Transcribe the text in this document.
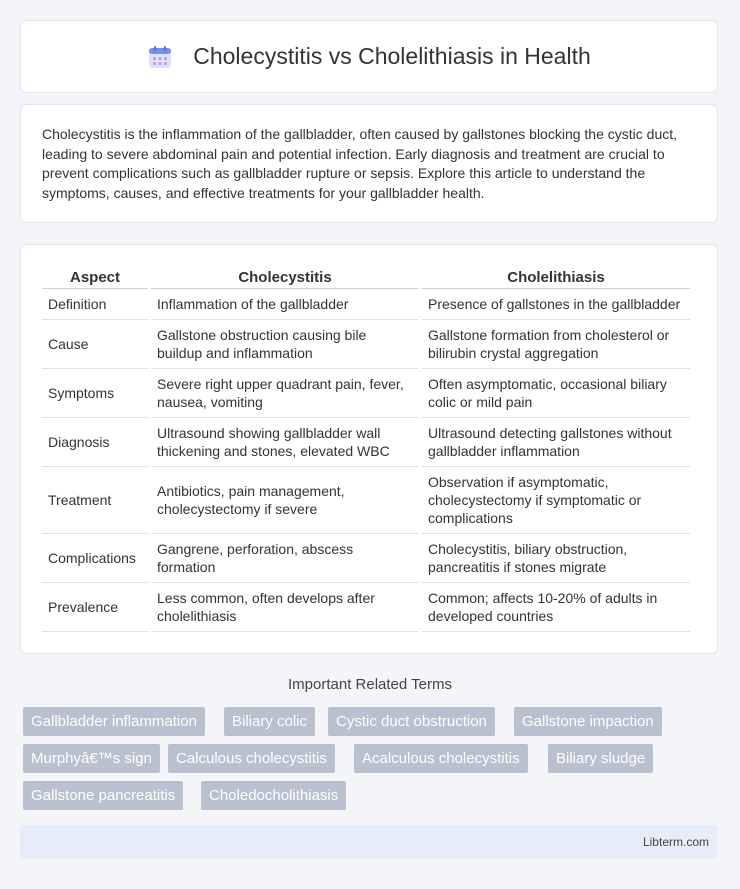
Cholecystitis vs Cholelithiasis in Health

Cholecystitis is the inflammation of the gallbladder, often caused by gallstones blocking the cystic duct, leading to severe abdominal pain and potential infection. Early diagnosis and treatment are crucial to prevent complications such as gallbladder rupture or sepsis. Explore this article to understand the symptoms, causes, and effective treatments for your gallbladder health.

Aspect	Cholecystitis	Cholelithiasis
Definition	Inflammation of the gallbladder	Presence of gallstones in the gallbladder
Cause	Gallstone obstruction causing bile buildup and inflammation	Gallstone formation from cholesterol or bilirubin crystal aggregation
Symptoms	Severe right upper quadrant pain, fever, nausea, vomiting	Often asymptomatic, occasional biliary colic or mild pain
Diagnosis	Ultrasound showing gallbladder wall thickening and stones, elevated WBC	Ultrasound detecting gallstones without gallbladder inflammation
Treatment	Antibiotics, pain management, cholecystectomy if severe	Observation if asymptomatic, cholecystectomy if symptomatic or complications
Complications	Gangrene, perforation, abscess formation	Cholecystitis, biliary obstruction, pancreatitis if stones migrate
Prevalence	Less common, often develops after cholelithiasis	Common; affects 10-20% of adults in developed countries
Important Related Terms
Gallbladder inflammation	Biliary colic	Cystic duct obstruction	Gallstone impaction
Murphyâ€™s sign	Calculous cholecystitis	Acalculous cholecystitis	Biliary sludge
Gallstone pancreatitis	Choledocholithiasis
Libterm.com
